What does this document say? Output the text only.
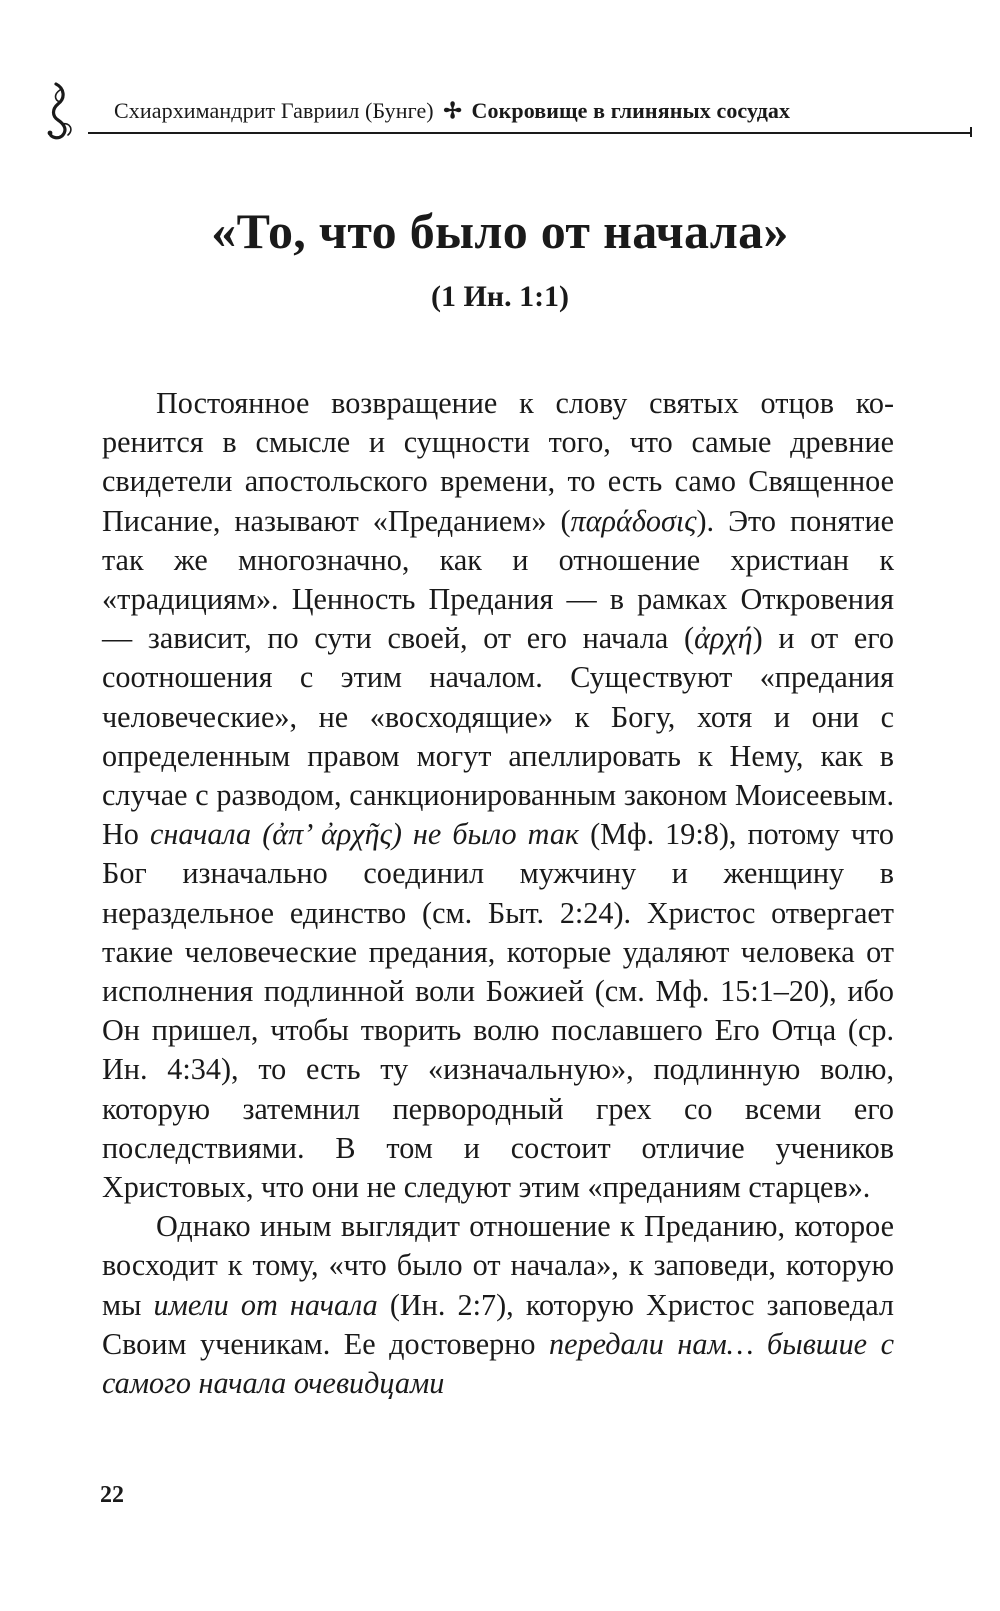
Схиархимандрит Гавриил (Бунге) ✢ Сокровище в глиняных сосудах
«То, что было от начала»
(1 Ин. 1:1)

Постоянное возвращение к слову святых отцов коренится в смысле и сущности того, что самые древние свидетели апостольского времени, то есть само Священное Писание, называют «Преданием» (παράδοσις). Это понятие так же многозначно, как и отношение христиан к «традициям». Ценность Предания — в рамках Откровения — зависит, по сути своей, от его начала (ἀρχή) и от его соотношения с этим началом. Существуют «предания человеческие», не «восходящие» к Богу, хотя и они с определенным правом могут апеллировать к Нему, как в случае с разводом, санкционированным законом Моисеевым. Но сначала (ἀπ’ ἀρχῆς) не было так (Мф. 19:8), потому что Бог изначально соединил мужчину и женщину в нераздельное единство (см. Быт. 2:24). Христос отвергает такие человеческие предания, которые удаляют человека от исполнения подлинной воли Божией (см. Мф. 15:1–20), ибо Он пришел, чтобы творить волю пославшего Его Отца (ср. Ин. 4:34), то есть ту «изначальную», подлинную волю, которую затемнил первородный грех со всеми его последствиями. В том и состоит отличие учеников Христовых, что они не следуют этим «преданиям старцев».

Однако иным выглядит отношение к Преданию, которое восходит к тому, «что было от начала», к заповеди, которую мы имели от начала (Ин. 2:7), которую Христос заповедал Своим ученикам. Ее достоверно передали нам… бывшие с самого начала очевидцами

22
